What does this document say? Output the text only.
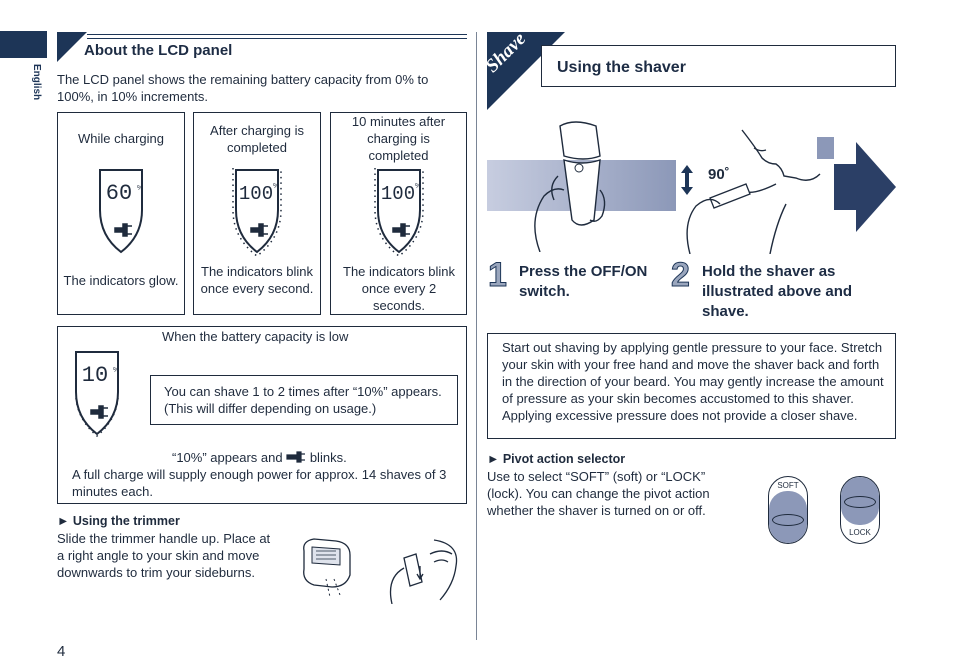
English
4
About the LCD panel
The LCD panel shows the remaining battery capacity from 0% to 100%, in 10% increments.
While charging
60 %
The indicators glow.
After charging is completed
100 %
The indicators blink once every second.
10 minutes after charging is completed
100 %
The indicators blink once every 2 seconds.
When the battery capacity is low
10 %
You can shave 1 to 2 times after “10%” appears. (This will differ depending on usage.)
“10%” appears and blinks.
A full charge will supply enough power for approx. 14 shaves of 3 minutes each.
► Using the trimmer
Slide the trimmer handle up. Place at a right angle to your skin and move downwards to trim your sideburns.
Shave Using the shaver
90˚
1 Press the OFF/ON switch.	2 Hold the shaver as illustrated above and shave.
Start out shaving by applying gentle pressure to your face. Stretch your skin with your free hand and move the shaver back and forth in the direction of your beard. You may gently increase the amount of pressure as your skin becomes accustomed to this shaver. Applying excessive pressure does not provide a closer shave.
► Pivot action selector
Use to select “SOFT” (soft) or “LOCK” (lock). You can change the pivot action whether the shaver is turned on or off.
SOFT
LOCK
